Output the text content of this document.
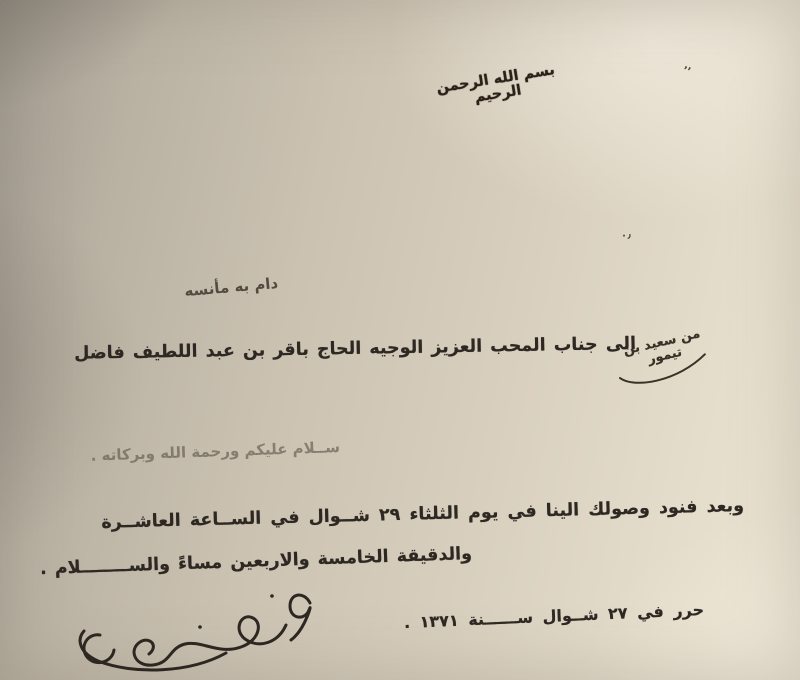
بسم الله الرحمن الرحيم
٬٬
٠٫
دام به مأنسه
من سعيد بن تيمور
الى جناب المحب العزيز الوجيه الحاج باقر بن عبد اللطيف فاضل
ســلام عليكم ورحمة الله وبركاته .
وبعد فنود وصولك الينا في يوم الثلثاء ٢٩ شــوال في الســاعة العاشــرة
والدقيقة الخامسة والاربعين مساءً والســــــــلام .
حرر في ٢٧ شــوال ســــــنة ١٣٧١ .
